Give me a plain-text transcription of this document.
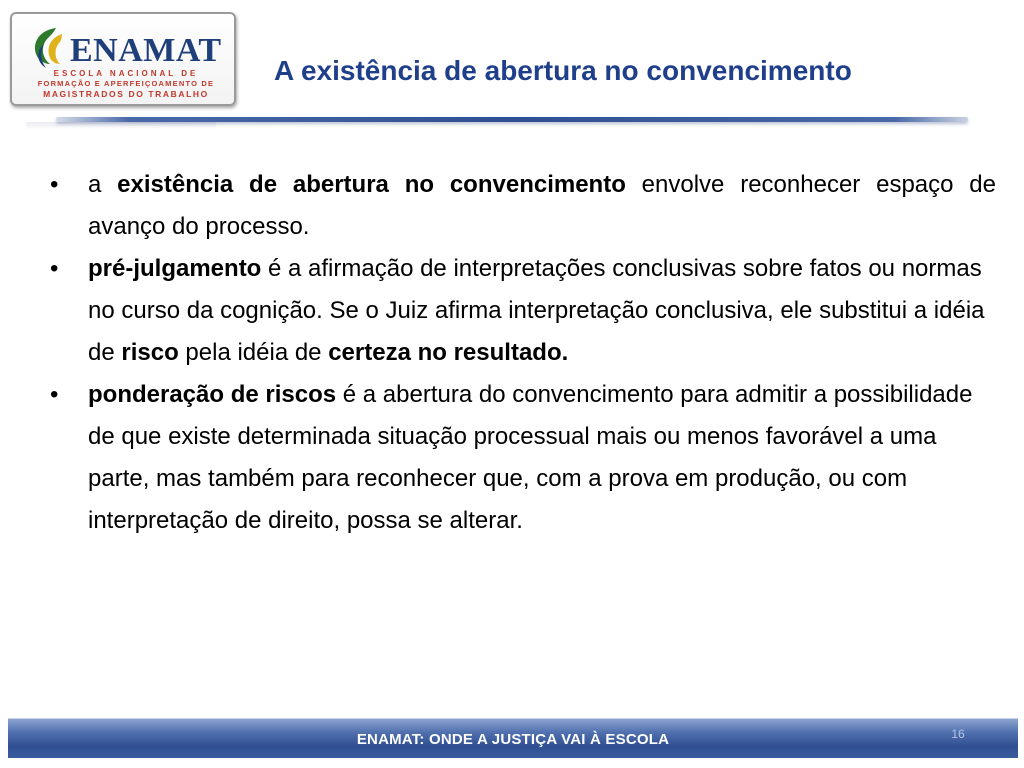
ENAMAT
ESCOLA NACIONAL DE
FORMAÇÃO E APERFEIÇOAMENTO DE
MAGISTRADOS DO TRABALHO
A existência de abertura no convencimento
•	a existência de abertura no convencimento envolve reconhecer espaço de avanço do processo.
•	pré-julgamento é a afirmação de interpretações conclusivas sobre fatos ou normas no curso da cognição. Se o Juiz afirma interpretação conclusiva, ele substitui a idéia de risco pela idéia de certeza no resultado.
•	ponderação de riscos é a abertura do convencimento para admitir a possibilidade de que existe determinada situação processual mais ou menos favorável a uma parte, mas também para reconhecer que, com a prova em produção, ou com interpretação de direito, possa se alterar.
ENAMAT: ONDE A JUSTIÇA VAI À ESCOLA	16
